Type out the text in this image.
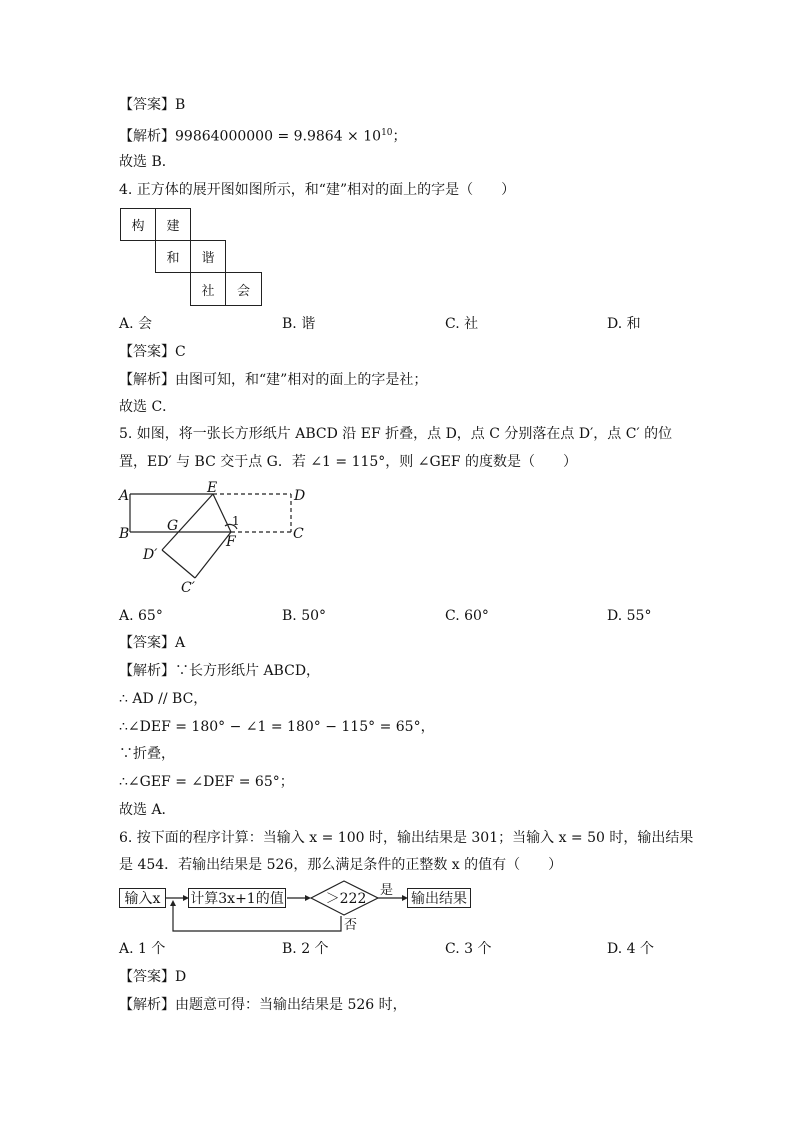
【答案】B
【解析】$99864000000 = 9.9864 \times 10^{10}$；
故选 B．
4. 正方体的展开图如图所示，和“建”相对的面上的字是（　　）
构	建
和	谐
社	会
A. 会	B. 谐	C. 社	D. 和
【答案】C
【解析】由图可知，和“建”相对的面上的字是社；
故选 C．
5. 如图，将一张长方形纸片 ABCD 沿 EF 折叠，点 D，点 C 分别落在点 D′，点 C′ 的位
置，ED′ 与 BC 交于点 G．若 ∠1 = 115°，则 ∠GEF 的度数是（　　）
A
B
E	D
C
G
F
D′
C′
1
A. 65°	B. 50°	C. 60°	D. 55°
【答案】A
【解析】∵长方形纸片 ABCD，
∴ AD // BC，
∴∠DEF = 180° − ∠1 = 180° − 115° = 65°，
∵折叠，
∴∠GEF = ∠DEF = 65°；
故选 A．
6. 按下面的程序计算：当输入 x = 100 时，输出结果是 301；当输入 x = 50 时，输出结果
是 454．若输出结果是 526，那么满足条件的正整数 x 的值有（　　）
输入x	计算3x+1的值	＞222
是
否
输出结果
A. 1 个	B. 2 个	C. 3 个	D. 4 个
【答案】D
【解析】由题意可得：当输出结果是 526 时，
